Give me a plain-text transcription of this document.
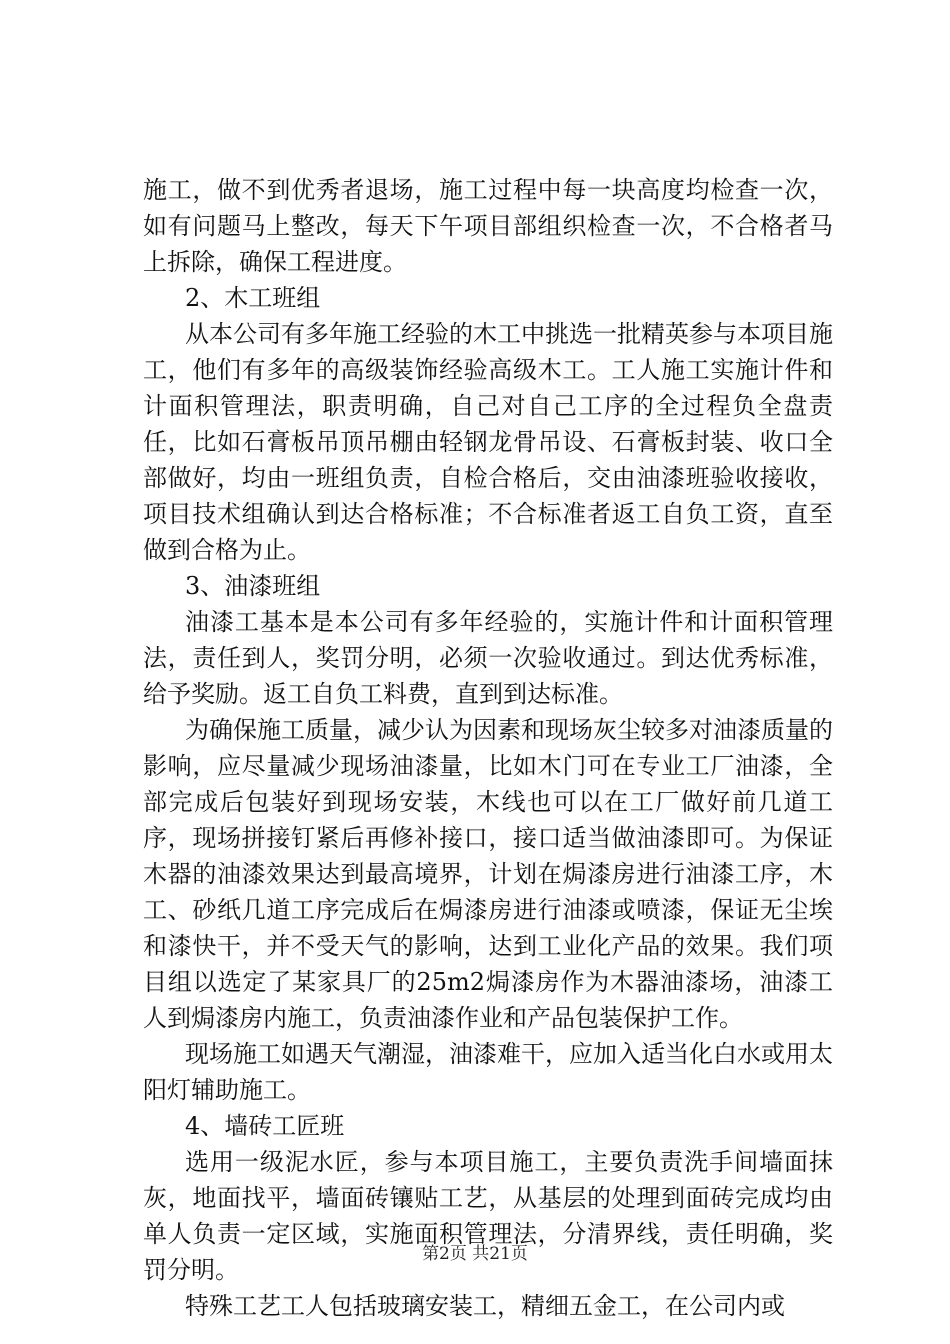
施工，做不到优秀者退场，施工过程中每一块高度均检查一次，如有问题马上整改，每天下午项目部组织检查一次，不合格者马上拆除，确保工程进度。

2、木工班组

从本公司有多年施工经验的木工中挑选一批精英参与本项目施工，他们有多年的高级装饰经验高级木工。工人施工实施计件和计面积管理法，职责明确，自己对自己工序的全过程负全盘责任，比如石膏板吊顶吊棚由轻钢龙骨吊设、石膏板封装、收口全部做好，均由一班组负责，自检合格后，交由油漆班验收接收，项目技术组确认到达合格标准；不合标准者返工自负工资，直至做到合格为止。

3、油漆班组

油漆工基本是本公司有多年经验的，实施计件和计面积管理法，责任到人，奖罚分明，必须一次验收通过。到达优秀标准，给予奖励。返工自负工料费，直到到达标准。

为确保施工质量，减少认为因素和现场灰尘较多对油漆质量的影响，应尽量减少现场油漆量，比如木门可在专业工厂油漆，全部完成后包装好到现场安装，木线也可以在工厂做好前几道工序，现场拼接钉紧后再修补接口，接口适当做油漆即可。为保证木器的油漆效果达到最高境界，计划在焗漆房进行油漆工序，木工、砂纸几道工序完成后在焗漆房进行油漆或喷漆，保证无尘埃和漆快干，并不受天气的影响，达到工业化产品的效果。我们项目组以选定了某家具厂的25m2焗漆房作为木器油漆场，油漆工人到焗漆房内施工，负责油漆作业和产品包装保护工作。

现场施工如遇天气潮湿，油漆难干，应加入适当化白水或用太阳灯辅助施工。

4、墙砖工匠班

选用一级泥水匠，参与本项目施工，主要负责洗手间墙面抹灰，地面找平，墙面砖镶贴工艺，从基层的处理到面砖完成均由单人负责一定区域，实施面积管理法，分清界线，责任明确，奖罚分明。

特殊工艺工人包括玻璃安装工，精细五金工，在公司内或

第2页 共21页
